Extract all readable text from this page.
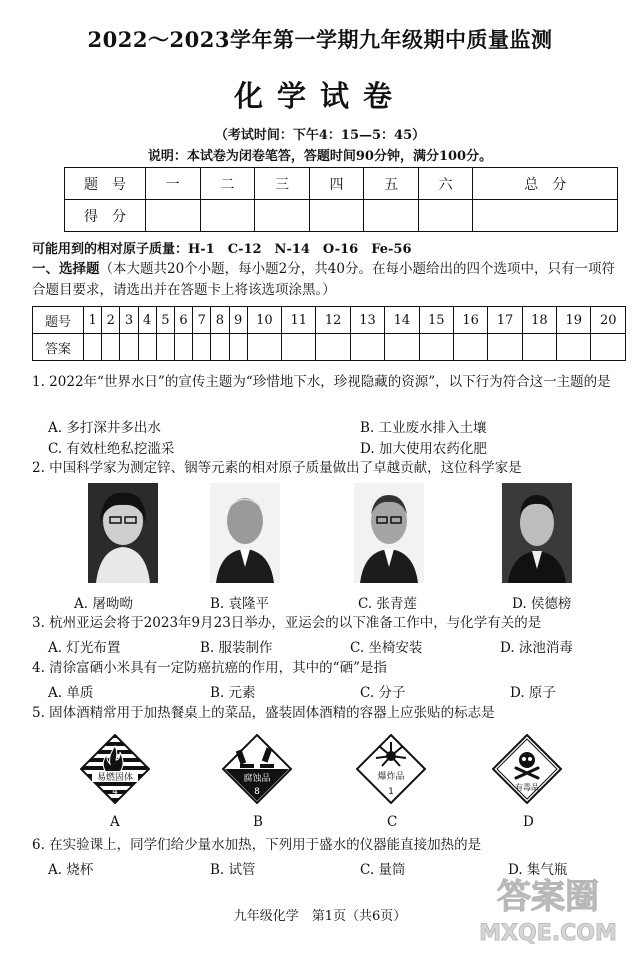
2022～2023学年第一学期九年级期中质量监测
化学试卷
（考试时间：下午4：15—5：45）
说明：本试卷为闭卷笔答，答题时间90分钟，满分100分。
题　号	一	二	三	四	五	六	总　分
得　分							
可能用到的相对原子质量：H-1　C-12　N-14　O-16　Fe-56
一、选择题（本大题共20个小题，每小题2分，共40分。在每小题给出的四个选项中，只有一项符合题目要求，请选出并在答题卡上将该选项涂黑。）
题号	1	2	3	4	5	6	7	8	9	10	11	12	13	14	15	16	17	18	19	20
答案																				
1. 2022年“世界水日”的宣传主题为“珍惜地下水，珍视隐藏的资源”，以下行为符合这一主题的是
A. 多打深井多出水	B. 工业废水排入土壤
C. 有效杜绝私挖滥采	D. 加大使用农药化肥
2. 中国科学家为测定锌、铟等元素的相对原子质量做出了卓越贡献，这位科学家是
A. 屠呦呦	B. 袁隆平	C. 张青莲	D. 侯德榜
3. 杭州亚运会将于2023年9月23日举办，亚运会的以下准备工作中，与化学有关的是
A. 灯光布置	B. 服装制作	C. 坐椅安装	D. 泳池消毒
4. 清徐富硒小米具有一定防癌抗癌的作用，其中的“硒”是指
A. 单质	B. 元素	C. 分子	D. 原子
5. 固体酒精常用于加热餐桌上的菜品，盛装固体酒精的容器上应张贴的标志是
易燃固体
4
腐蚀品
8
爆炸品
1	有毒品
A	B	C	D
6. 在实验课上，同学们给少量水加热，下列用于盛水的仪器能直接加热的是
A. 烧杯	B. 试管	C. 量筒	D. 集气瓶
九年级化学　第1页（共6页）	答案圈
MXQE.COM
